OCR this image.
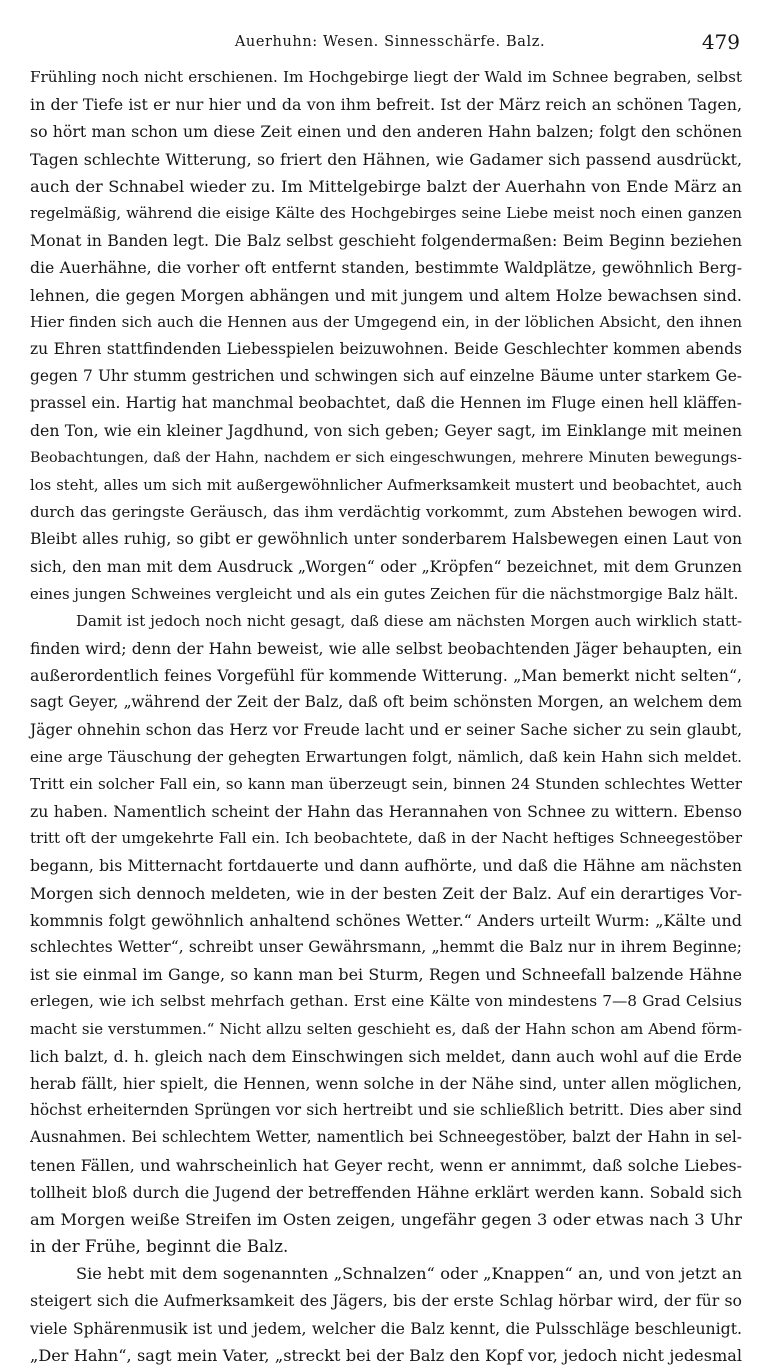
Auerhuhn: Wesen. Sinnesschärfe. Balz.	479
Frühling noch nicht erschienen. Im Hochgebirge liegt der Wald im Schnee begraben, selbst
in der Tiefe ist er nur hier und da von ihm befreit. Ist der März reich an schönen Tagen,
so hört man schon um diese Zeit einen und den anderen Hahn balzen; folgt den schönen
Tagen schlechte Witterung, so friert den Hähnen, wie Gadamer sich passend ausdrückt,
auch der Schnabel wieder zu. Im Mittelgebirge balzt der Auerhahn von Ende März an
regelmäßig, während die eisige Kälte des Hochgebirges seine Liebe meist noch einen ganzen
Monat in Banden legt. Die Balz selbst geschieht folgendermaßen: Beim Beginn beziehen
die Auerhähne, die vorher oft entfernt standen, bestimmte Waldplätze, gewöhnlich Berg-
lehnen, die gegen Morgen abhängen und mit jungem und altem Holze bewachsen sind.
Hier finden sich auch die Hennen aus der Umgegend ein, in der löblichen Absicht, den ihnen
zu Ehren stattfindenden Liebesspielen beizuwohnen. Beide Geschlechter kommen abends
gegen 7 Uhr stumm gestrichen und schwingen sich auf einzelne Bäume unter starkem Ge-
prassel ein. Hartig hat manchmal beobachtet, daß die Hennen im Fluge einen hell kläffen-
den Ton, wie ein kleiner Jagdhund, von sich geben; Geyer sagt, im Einklange mit meinen
Beobachtungen, daß der Hahn, nachdem er sich eingeschwungen, mehrere Minuten bewegungs-
los steht, alles um sich mit außergewöhnlicher Aufmerksamkeit mustert und beobachtet, auch
durch das geringste Geräusch, das ihm verdächtig vorkommt, zum Abstehen bewogen wird.
Bleibt alles ruhig, so gibt er gewöhnlich unter sonderbarem Halsbewegen einen Laut von
sich, den man mit dem Ausdruck „Worgen“ oder „Kröpfen“ bezeichnet, mit dem Grunzen
eines jungen Schweines vergleicht und als ein gutes Zeichen für die nächstmorgige Balz hält.
Damit ist jedoch noch nicht gesagt, daß diese am nächsten Morgen auch wirklich statt-
finden wird; denn der Hahn beweist, wie alle selbst beobachtenden Jäger behaupten, ein
außerordentlich feines Vorgefühl für kommende Witterung. „Man bemerkt nicht selten“,
sagt Geyer, „während der Zeit der Balz, daß oft beim schönsten Morgen, an welchem dem
Jäger ohnehin schon das Herz vor Freude lacht und er seiner Sache sicher zu sein glaubt,
eine arge Täuschung der gehegten Erwartungen folgt, nämlich, daß kein Hahn sich meldet.
Tritt ein solcher Fall ein, so kann man überzeugt sein, binnen 24 Stunden schlechtes Wetter
zu haben. Namentlich scheint der Hahn das Herannahen von Schnee zu wittern. Ebenso
tritt oft der umgekehrte Fall ein. Ich beobachtete, daß in der Nacht heftiges Schneegestöber
begann, bis Mitternacht fortdauerte und dann aufhörte, und daß die Hähne am nächsten
Morgen sich dennoch meldeten, wie in der besten Zeit der Balz. Auf ein derartiges Vor-
kommnis folgt gewöhnlich anhaltend schönes Wetter.“ Anders urteilt Wurm: „Kälte und
schlechtes Wetter“, schreibt unser Gewährsmann, „hemmt die Balz nur in ihrem Beginne;
ist sie einmal im Gange, so kann man bei Sturm, Regen und Schneefall balzende Hähne
erlegen, wie ich selbst mehrfach gethan. Erst eine Kälte von mindestens 7—8 Grad Celsius
macht sie verstummen.“ Nicht allzu selten geschieht es, daß der Hahn schon am Abend förm-
lich balzt, d. h. gleich nach dem Einschwingen sich meldet, dann auch wohl auf die Erde
herab fällt, hier spielt, die Hennen, wenn solche in der Nähe sind, unter allen möglichen,
höchst erheiternden Sprüngen vor sich hertreibt und sie schließlich betritt. Dies aber sind
Ausnahmen. Bei schlechtem Wetter, namentlich bei Schneegestöber, balzt der Hahn in sel-
tenen Fällen, und wahrscheinlich hat Geyer recht, wenn er annimmt, daß solche Liebes-
tollheit bloß durch die Jugend der betreffenden Hähne erklärt werden kann. Sobald sich
am Morgen weiße Streifen im Osten zeigen, ungefähr gegen 3 oder etwas nach 3 Uhr
in der Frühe, beginnt die Balz.
Sie hebt mit dem sogenannten „Schnalzen“ oder „Knappen“ an, und von jetzt an
steigert sich die Aufmerksamkeit des Jägers, bis der erste Schlag hörbar wird, der für so
viele Sphärenmusik ist und jedem, welcher die Balz kennt, die Pulsschläge beschleunigt.
„Der Hahn“, sagt mein Vater, „streckt bei der Balz den Kopf vor, jedoch nicht jedesmal
